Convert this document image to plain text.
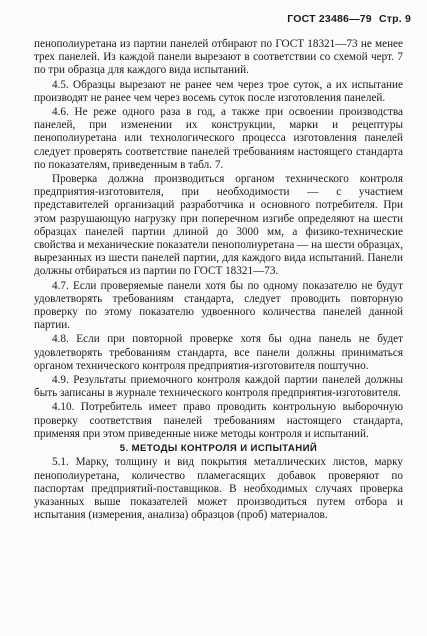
ГОСТ 23486—79 Стр. 9

пенополиуретана из партии панелей отбирают по ГОСТ 18321—73 не менее трех панелей. Из каждой панели вырезают в соответствии со схемой черт. 7 по три образца для каждого вида испытаний.

4.5. Образцы вырезают не ранее чем через трое суток, а их испытание производят не ранее чем через восемь суток после изготовления панелей.

4.6. Не реже одного раза в год, а также при освоении производства панелей, при изменении их конструкции, марки и рецептуры пенополиуретана или технологического процесса изготовления панелей следует проверять соответствие панелей требованиям настоящего стандарта по показателям, приведенным в табл. 7.

Проверка должна производиться органом технического контроля предприятия-изготовителя, при необходимости — с участием представителей организаций разработчика и основного потребителя. При этом разрушающую нагрузку при поперечном изгибе определяют на шести образцах панелей партии длиной до 3000 мм, а физико-технические свойства и механические показатели пенополиуретана — на шести образцах, вырезанных из шести панелей партии, для каждого вида испытаний. Панели должны отбираться из партии по ГОСТ 18321—73.

4.7. Если проверяемые панели хотя бы по одному показателю не будут удовлетворять требованиям стандарта, следует проводить повторную проверку по этому показателю удвоенного количества панелей данной партии.

4.8. Если при повторной проверке хотя бы одна панель не будет удовлетворять требованиям стандарта, все панели должны приниматься органом технического контроля предприятия-изготовителя поштучно.

4.9. Результаты приемочного контроля каждой партии панелей должны быть записаны в журнале технического контроля предприятия-изготовителя.

4.10. Потребитель имеет право проводить контрольную выборочную проверку соответствия панелей требованиям настоящего стандарта, применяя при этом приведенные ниже методы контроля и испытаний.

5. МЕТОДЫ КОНТРОЛЯ И ИСПЫТАНИЙ

5.1. Марку, толщину и вид покрытия металлических листов, марку пенополиуретана, количество пламегасящих добавок проверяют по паспортам предприятий-поставщиков. В необходимых случаях проверка указанных выше показателей может производиться путем отбора и испытания (измерения, анализа) образцов (проб) материалов.
